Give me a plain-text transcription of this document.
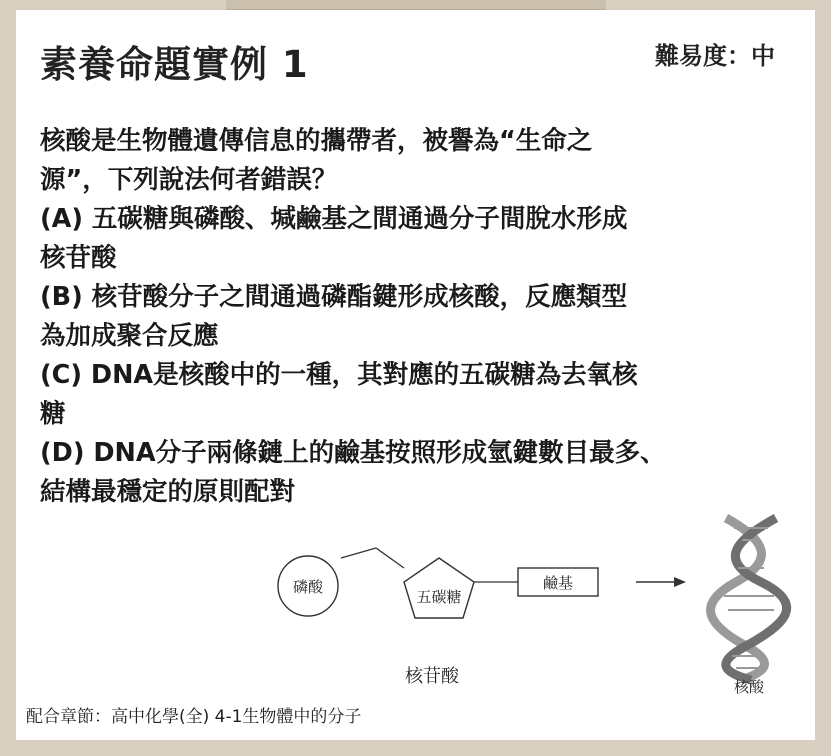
素養命題實例 1	難易度：中
核酸是生物體遺傳信息的攜帶者，被譽為“生命之
源”，下列說法何者錯誤？
(A) 五碳糖與磷酸、堿鹼基之間通過分子間脫水形成
核苷酸
(B) 核苷酸分子之間通過磷酯鍵形成核酸，反應類型
為加成聚合反應
(C) DNA是核酸中的一種，其對應的五碳糖為去氧核
糖
(D) DNA分子兩條鏈上的鹼基按照形成氫鍵數目最多、
結構最穩定的原則配對
磷酸
五碳糖
鹼基
核苷酸	核酸
配合章節：高中化學(全) 4-1生物體中的分子
